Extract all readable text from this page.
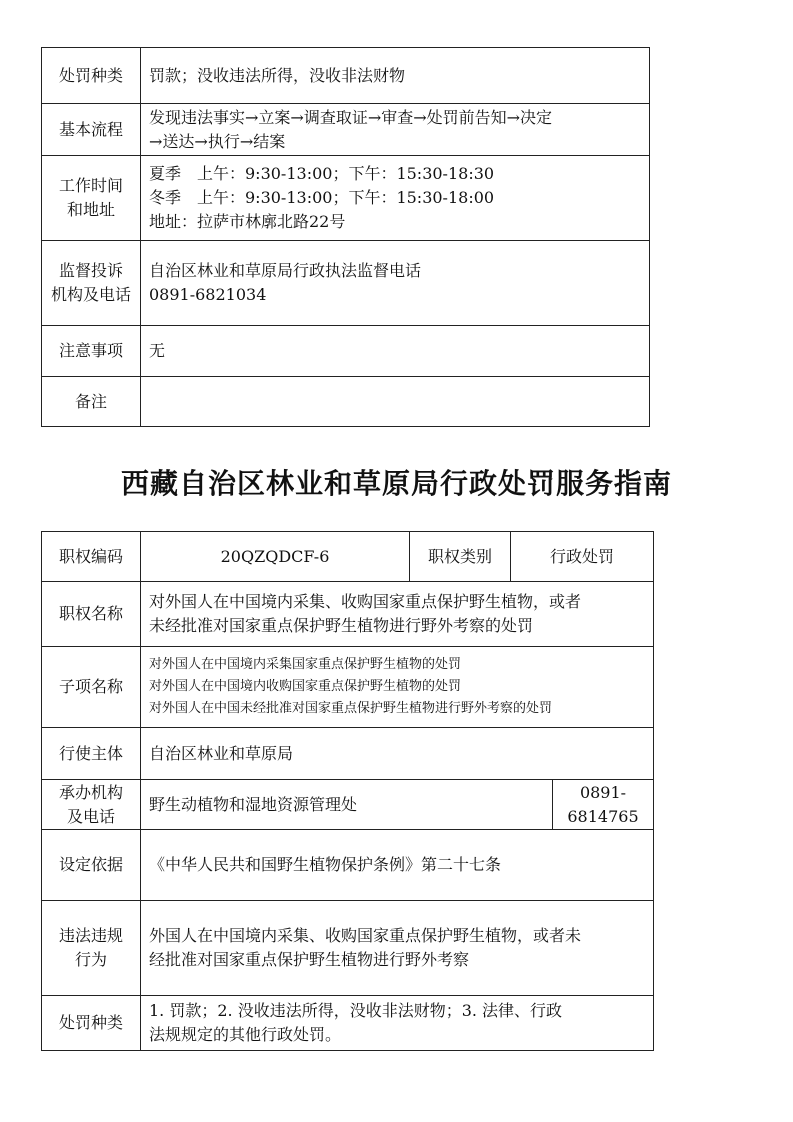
处罚种类	罚款；没收违法所得，没收非法财物
基本流程	发现违法事实→立案→调查取证→审查→处罚前告知→决定
→送达→执行→结案

工作时间
和地址	夏季　上午：9:30-13:00；下午：15:30-18:30
冬季　上午：9:30-13:00；下午：15:30-18:00
地址：拉萨市林廓北路22号

监督投诉
机构及电话	自治区林业和草原局行政执法监督电话
0891-6821034

注意事项	无
备注	
西藏自治区林业和草原局行政处罚服务指南
职权编码	20QZQDCF-6	职权类别	行政处罚	
职权名称	对外国人在中国境内采集、收购国家重点保护野生植物，或者
未经批准对国家重点保护野生植物进行野外考察的处罚			

子项名称	对外国人在中国境内采集国家重点保护野生植物的处罚
对外国人在中国境内收购国家重点保护野生植物的处罚
对外国人在中国未经批准对国家重点保护野生植物进行野外考察的处罚			

行使主体	自治区林业和草原局			

承办机构
及电话	野生动植物和湿地资源管理处			0891-6814765
设定依据	《中华人民共和国野生植物保护条例》第二十七条			

违法违规
行为	外国人在中国境内采集、收购国家重点保护野生植物，或者未
经批准对国家重点保护野生植物进行野外考察			

处罚种类	1. 罚款；2. 没收违法所得，没收非法财物；3. 法律、行政
法规规定的其他行政处罚。			
